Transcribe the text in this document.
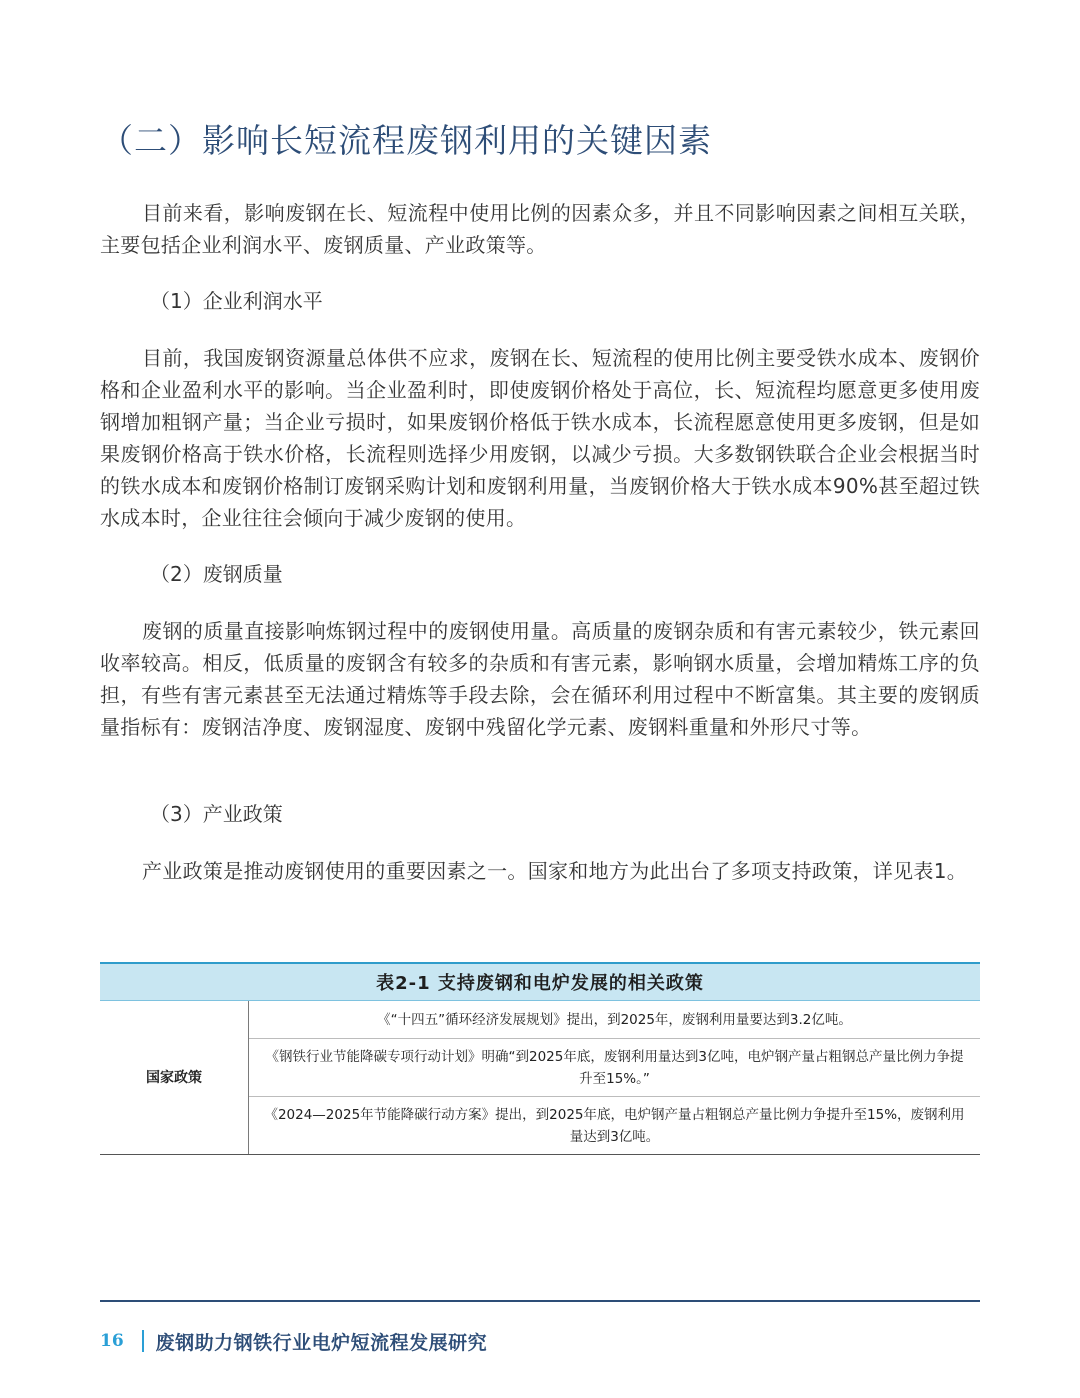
（二）影响长短流程废钢利用的关键因素
目前来看，影响废钢在长、短流程中使用比例的因素众多，并且不同影响因素之间相互关联，主要包括企业利润水平、废钢质量、产业政策等。
（1）企业利润水平
目前，我国废钢资源量总体供不应求，废钢在长、短流程的使用比例主要受铁水成本、废钢价格和企业盈利水平的影响。当企业盈利时，即使废钢价格处于高位，长、短流程均愿意更多使用废钢增加粗钢产量；当企业亏损时，如果废钢价格低于铁水成本，长流程愿意使用更多废钢，但是如果废钢价格高于铁水价格，长流程则选择少用废钢，以减少亏损。大多数钢铁联合企业会根据当时的铁水成本和废钢价格制订废钢采购计划和废钢利用量，当废钢价格大于铁水成本90%甚至超过铁水成本时，企业往往会倾向于减少废钢的使用。
（2）废钢质量
废钢的质量直接影响炼钢过程中的废钢使用量。高质量的废钢杂质和有害元素较少，铁元素回收率较高。相反，低质量的废钢含有较多的杂质和有害元素，影响钢水质量，会增加精炼工序的负担，有些有害元素甚至无法通过精炼等手段去除，会在循环利用过程中不断富集。其主要的废钢质量指标有：废钢洁净度、废钢湿度、废钢中残留化学元素、废钢料重量和外形尺寸等。
（3）产业政策
产业政策是推动废钢使用的重要因素之一。国家和地方为此出台了多项支持政策，详见表1。
表2-1 支持废钢和电炉发展的相关政策
国家政策	《“十四五”循环经济发展规划》提出，到2025年，废钢利用量要达到3.2亿吨。
《钢铁行业节能降碳专项行动计划》明确“到2025年底，废钢利用量达到3亿吨，电炉钢产量占粗钢总产量比例力争提升至15%。”
《2024—2025年节能降碳行动方案》提出，到2025年底，电炉钢产量占粗钢总产量比例力争提升至15%，废钢利用量达到3亿吨。
16 废钢助力钢铁行业电炉短流程发展研究
